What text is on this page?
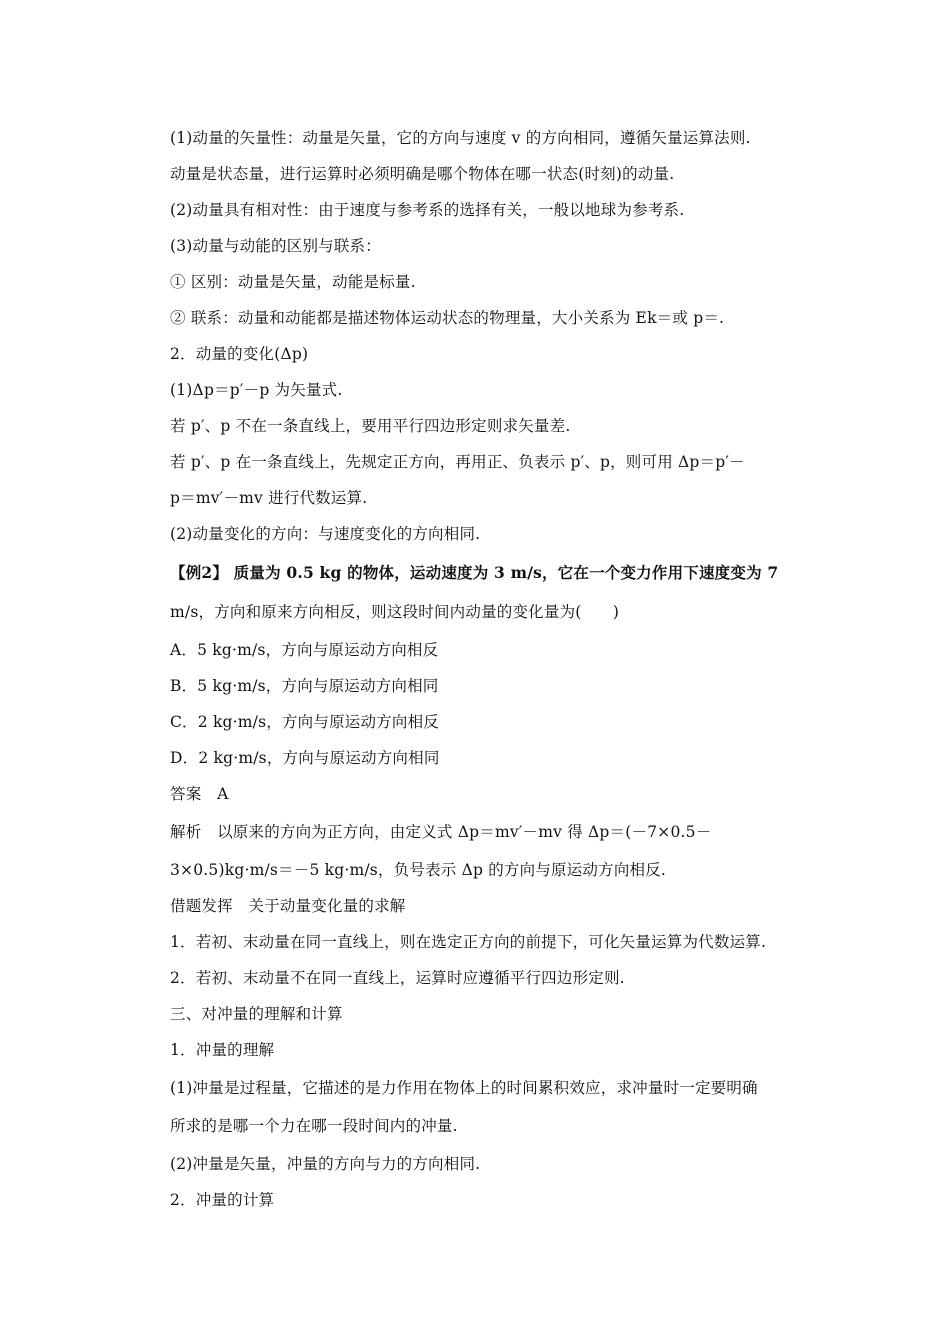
(1)动量的矢量性：动量是矢量，它的方向与速度 v 的方向相同，遵循矢量运算法则.
动量是状态量，进行运算时必须明确是哪个物体在哪一状态(时刻)的动量.
(2)动量具有相对性：由于速度与参考系的选择有关，一般以地球为参考系.
(3)动量与动能的区别与联系：
① 区别：动量是矢量，动能是标量.
② 联系：动量和动能都是描述物体运动状态的物理量，大小关系为 Ek＝或 p＝.
2．动量的变化(Δp)
(1)Δp＝p′－p 为矢量式.
若 p′、p 不在一条直线上，要用平行四边形定则求矢量差.
若 p′、p 在一条直线上，先规定正方向，再用正、负表示 p′、p，则可用 Δp＝p′－
p＝mv′－mv 进行代数运算.
(2)动量变化的方向：与速度变化的方向相同.
【例2】 质量为 0.5 kg 的物体，运动速度为 3 m/s，它在一个变力作用下速度变为 7
m/s，方向和原来方向相反，则这段时间内动量的变化量为(　　)
A．5 kg·m/s，方向与原运动方向相反
B．5 kg·m/s，方向与原运动方向相同
C．2 kg·m/s，方向与原运动方向相反
D．2 kg·m/s，方向与原运动方向相同
答案　A
解析　以原来的方向为正方向，由定义式 Δp＝mv′－mv 得 Δp＝(－7×0.5－
3×0.5)kg·m/s＝－5 kg·m/s，负号表示 Δp 的方向与原运动方向相反.
借题发挥　关于动量变化量的求解
1．若初、末动量在同一直线上，则在选定正方向的前提下，可化矢量运算为代数运算.
2．若初、末动量不在同一直线上，运算时应遵循平行四边形定则.
三、对冲量的理解和计算
1．冲量的理解
(1)冲量是过程量，它描述的是力作用在物体上的时间累积效应，求冲量时一定要明确
所求的是哪一个力在哪一段时间内的冲量.
(2)冲量是矢量，冲量的方向与力的方向相同.
2．冲量的计算
